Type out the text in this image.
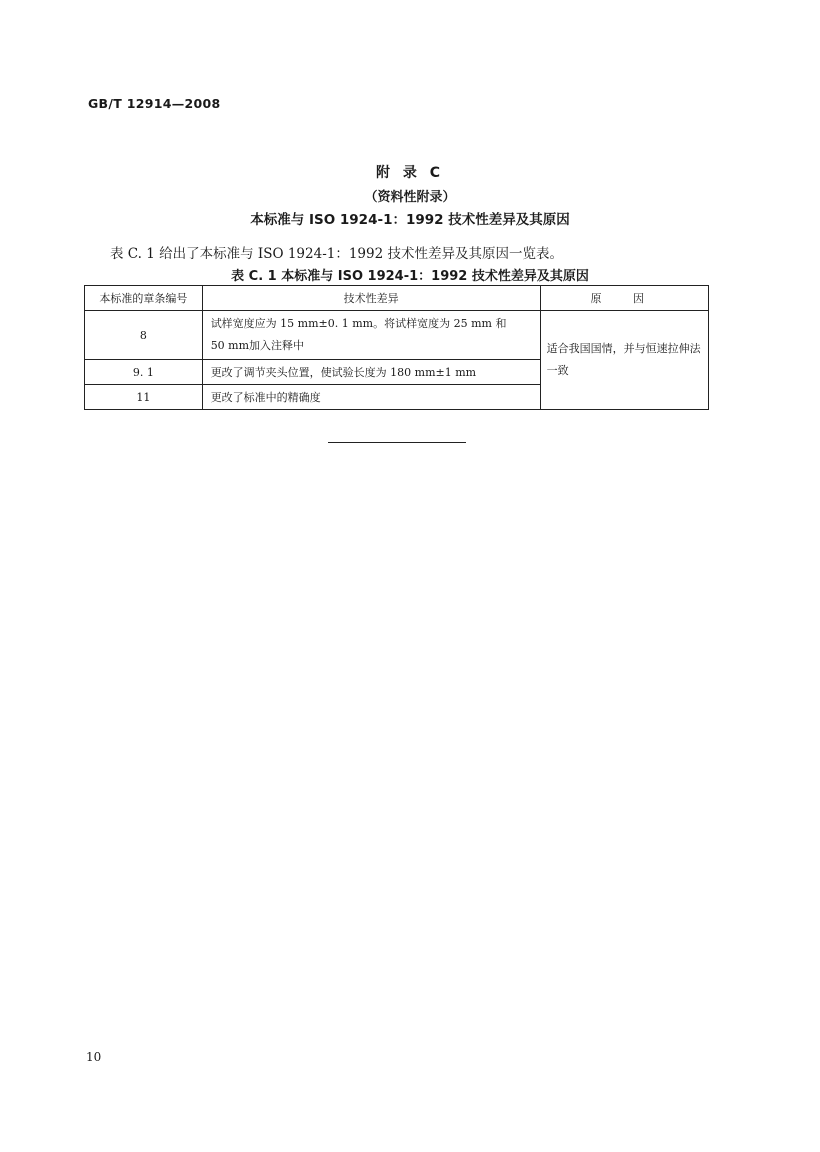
GB/T 12914—2008
附 录 C
（资料性附录）
本标准与 ISO 1924-1：1992 技术性差异及其原因
表 C. 1 给出了本标准与 ISO 1924-1：1992 技术性差异及其原因一览表。
表 C. 1 本标准与 ISO 1924-1：1992 技术性差异及其原因
本标准的章条编号	技术性差异	原 因
8	试样宽度应为 15 mm±0. 1 mm。将试样宽度为 25 mm 和
50 mm加入注释中	适合我国国情，并与恒速拉伸法一致
9. 1	更改了调节夹头位置，使试验长度为 180 mm±1 mm	
11	更改了标准中的精确度	
10
